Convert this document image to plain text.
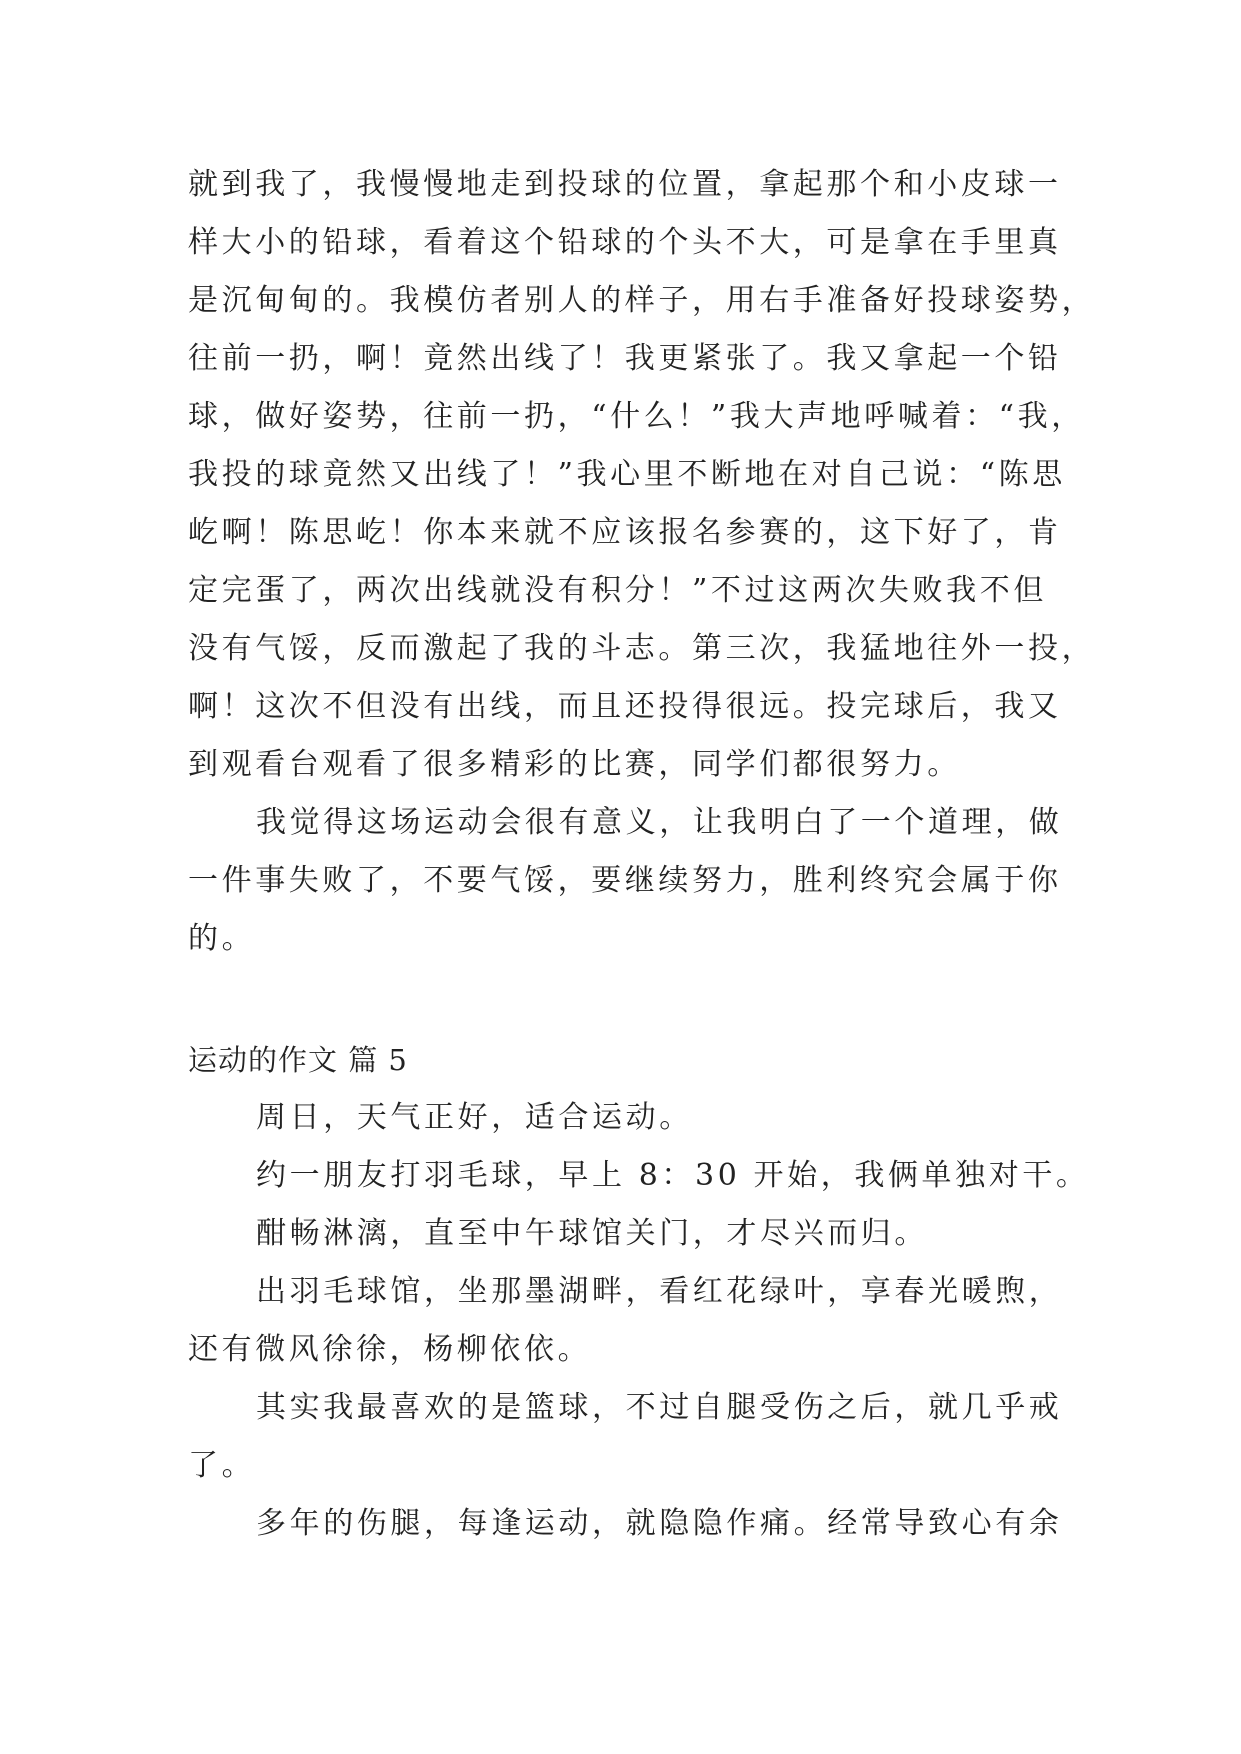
就到我了，我慢慢地走到投球的位置，拿起那个和小皮球一
样大小的铅球，看着这个铅球的个头不大，可是拿在手里真
是沉甸甸的。我模仿者别人的样子，用右手准备好投球姿势，
往前一扔，啊！竟然出线了！我更紧张了。我又拿起一个铅
球，做好姿势，往前一扔，“什么！”我大声地呼喊着：“我，
我投的球竟然又出线了！”我心里不断地在对自己说：“陈思
屹啊！陈思屹！你本来就不应该报名参赛的，这下好了，肯
定完蛋了，两次出线就没有积分！”不过这两次失败我不但
没有气馁，反而激起了我的斗志。第三次，我猛地往外一投，
啊！这次不但没有出线，而且还投得很远。投完球后，我又
到观看台观看了很多精彩的比赛，同学们都很努力。
我觉得这场运动会很有意义，让我明白了一个道理，做
一件事失败了，不要气馁，要继续努力，胜利终究会属于你
的。
运动的作文 篇 5
周日，天气正好，适合运动。
约一朋友打羽毛球，早上 8：30 开始，我俩单独对干。
酣畅淋漓，直至中午球馆关门，才尽兴而归。
出羽毛球馆，坐那墨湖畔，看红花绿叶，享春光暖煦，
还有微风徐徐，杨柳依依。
其实我最喜欢的是篮球，不过自腿受伤之后，就几乎戒
了。
多年的伤腿，每逢运动，就隐隐作痛。经常导致心有余
